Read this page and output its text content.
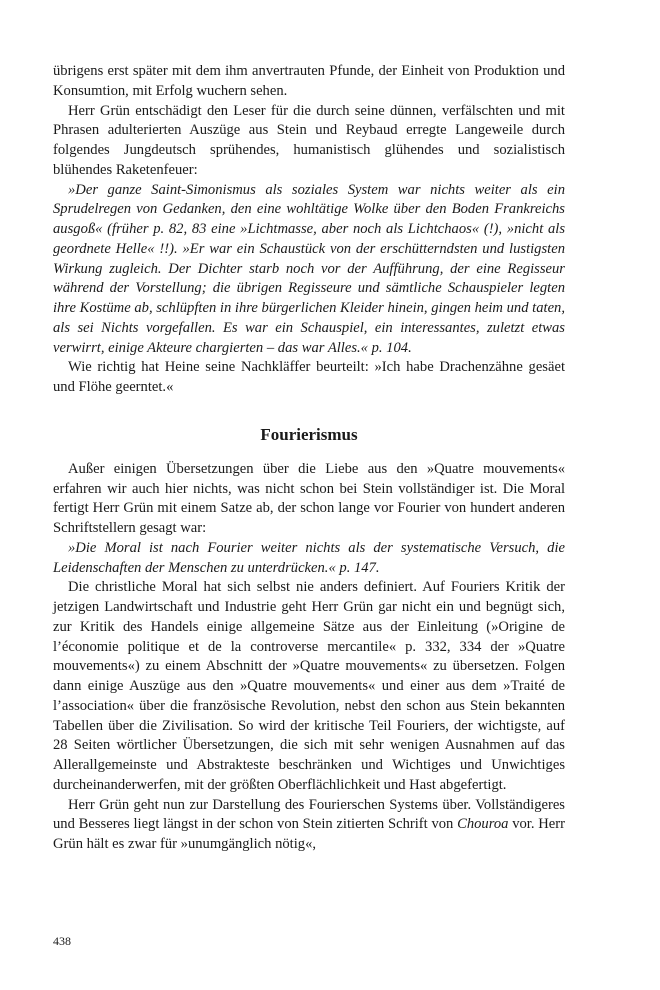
übrigens erst später mit dem ihm anvertrauten Pfunde, der Einheit von Produktion und Konsumtion, mit Erfolg wuchern sehen.

Herr Grün entschädigt den Leser für die durch seine dünnen, verfälschten und mit Phrasen adulterierten Auszüge aus Stein und Reybaud erregte Langeweile durch folgendes Jungdeutsch sprühendes, humanistisch glühendes und sozialistisch blühendes Raketenfeuer:

»Der ganze Saint-Simonismus als soziales System war nichts weiter als ein Sprudelregen von Gedanken, den eine wohltätige Wolke über den Boden Frankreichs ausgoß« (früher p. 82, 83 eine »Lichtmasse, aber noch als Lichtchaos« (!), »nicht als geordnete Helle« !!). »Er war ein Schaustück von der erschütterndsten und lustigsten Wirkung zugleich. Der Dichter starb noch vor der Aufführung, der eine Regisseur während der Vorstellung; die übrigen Regisseure und sämtliche Schauspieler legten ihre Kostüme ab, schlüpften in ihre bürgerlichen Kleider hinein, gingen heim und taten, als sei Nichts vorgefallen. Es war ein Schauspiel, ein interessantes, zuletzt etwas verwirrt, einige Akteure chargierten – das war Alles.« p. 104.

Wie richtig hat Heine seine Nachkläffer beurteilt: »Ich habe Drachenzähne gesäet und Flöhe geerntet.«

Fourierismus

Außer einigen Übersetzungen über die Liebe aus den »Quatre mouvements« erfahren wir auch hier nichts, was nicht schon bei Stein vollständiger ist. Die Moral fertigt Herr Grün mit einem Satze ab, der schon lange vor Fourier von hundert anderen Schriftstellern gesagt war:

»Die Moral ist nach Fourier weiter nichts als der systematische Versuch, die Leidenschaften der Menschen zu unterdrücken.« p. 147.

Die christliche Moral hat sich selbst nie anders definiert. Auf Fouriers Kritik der jetzigen Landwirtschaft und Industrie geht Herr Grün gar nicht ein und begnügt sich, zur Kritik des Handels einige allgemeine Sätze aus der Einleitung (»Origine de l’économie politique et de la controverse mercantile« p. 332, 334 der »Quatre mouvements«) zu einem Abschnitt der »Quatre mouvements« zu übersetzen. Folgen dann einige Auszüge aus den »Quatre mouvements« und einer aus dem »Traité de l’association« über die französische Revolution, nebst den schon aus Stein bekannten Tabellen über die Zivilisation. So wird der kritische Teil Fouriers, der wichtigste, auf 28 Seiten wörtlicher Übersetzungen, die sich mit sehr wenigen Ausnahmen auf das Allerallgemeinste und Abstrakteste beschränken und Wichtiges und Unwichtiges durcheinanderwerfen, mit der größten Oberflächlichkeit und Hast abgefertigt.

Herr Grün geht nun zur Darstellung des Fourierschen Systems über. Vollständigeres und Besseres liegt längst in der schon von Stein zitierten Schrift von Chouroa vor. Herr Grün hält es zwar für »unumgänglich nötig«,

438
